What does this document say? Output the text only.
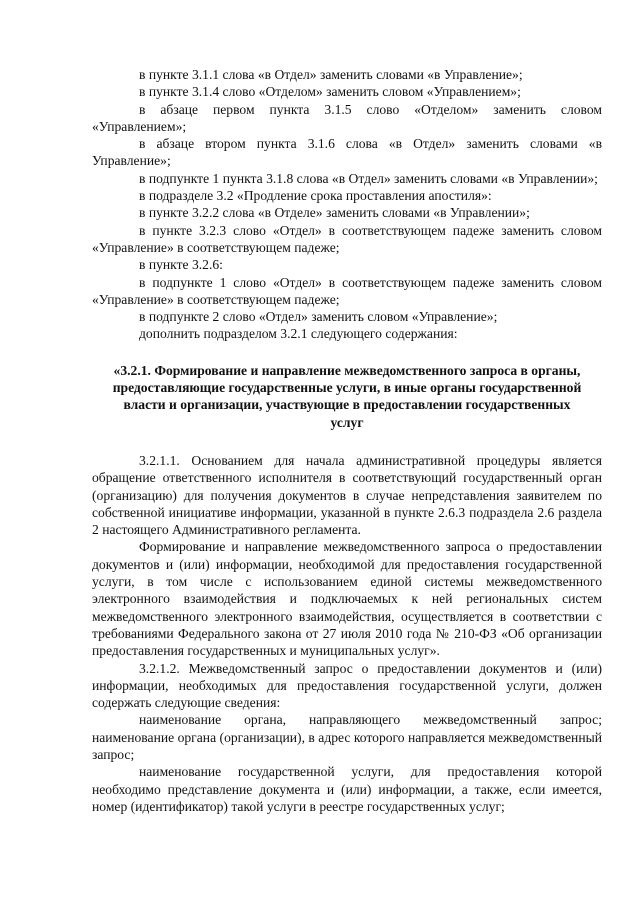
в пункте 3.1.1 слова «в Отдел» заменить словами «в Управление»;

в пункте 3.1.4 слово «Отделом» заменить словом «Управлением»;

в абзаце первом пункта 3.1.5 слово «Отделом» заменить словом «Управлением»;

в абзаце втором пункта 3.1.6 слова «в Отдел» заменить словами «в Управление»;

в подпункте 1 пункта 3.1.8 слова «в Отдел» заменить словами «в Управлении»;

в подразделе 3.2 «Продление срока проставления апостиля»:

в пункте 3.2.2 слова «в Отделе» заменить словами «в Управлении»;

в пункте 3.2.3 слово «Отдел» в соответствующем падеже заменить словом «Управление» в соответствующем падеже;

в пункте 3.2.6:

в подпункте 1 слово «Отдел» в соответствующем падеже заменить словом «Управление» в соответствующем падеже;

в подпункте 2 слово «Отдел» заменить словом «Управление»;

дополнить подразделом 3.2.1 следующего содержания:

«3.2.1. Формирование и направление межведомственного запроса в органы, предоставляющие государственные услуги, в иные органы государственной власти и организации, участвующие в предоставлении государственных услуг

3.2.1.1. Основанием для начала административной процедуры является обращение ответственного исполнителя в соответствующий государственный орган (организацию) для получения документов в случае непредставления заявителем по собственной инициативе информации, указанной в пункте 2.6.3 подраздела 2.6 раздела 2 настоящего Административного регламента.

Формирование и направление межведомственного запроса о предоставлении документов и (или) информации, необходимой для предоставления государственной услуги, в том числе с использованием единой системы межведомственного электронного взаимодействия и подключаемых к ней региональных систем межведомственного электронного взаимодействия, осуществляется в соответствии с требованиями Федерального закона от 27 июля 2010 года № 210-ФЗ «Об организации предоставления государственных и муниципальных услуг».

3.2.1.2. Межведомственный запрос о предоставлении документов и (или) информации, необходимых для предоставления государственной услуги, должен содержать следующие сведения:

наименование органа, направляющего межведомственный запрос; наименование органа (организации), в адрес которого направляется межведомственный запрос;

наименование государственной услуги, для предоставления которой необходимо представление документа и (или) информации, а также, если имеется, номер (идентификатор) такой услуги в реестре государственных услуг;
